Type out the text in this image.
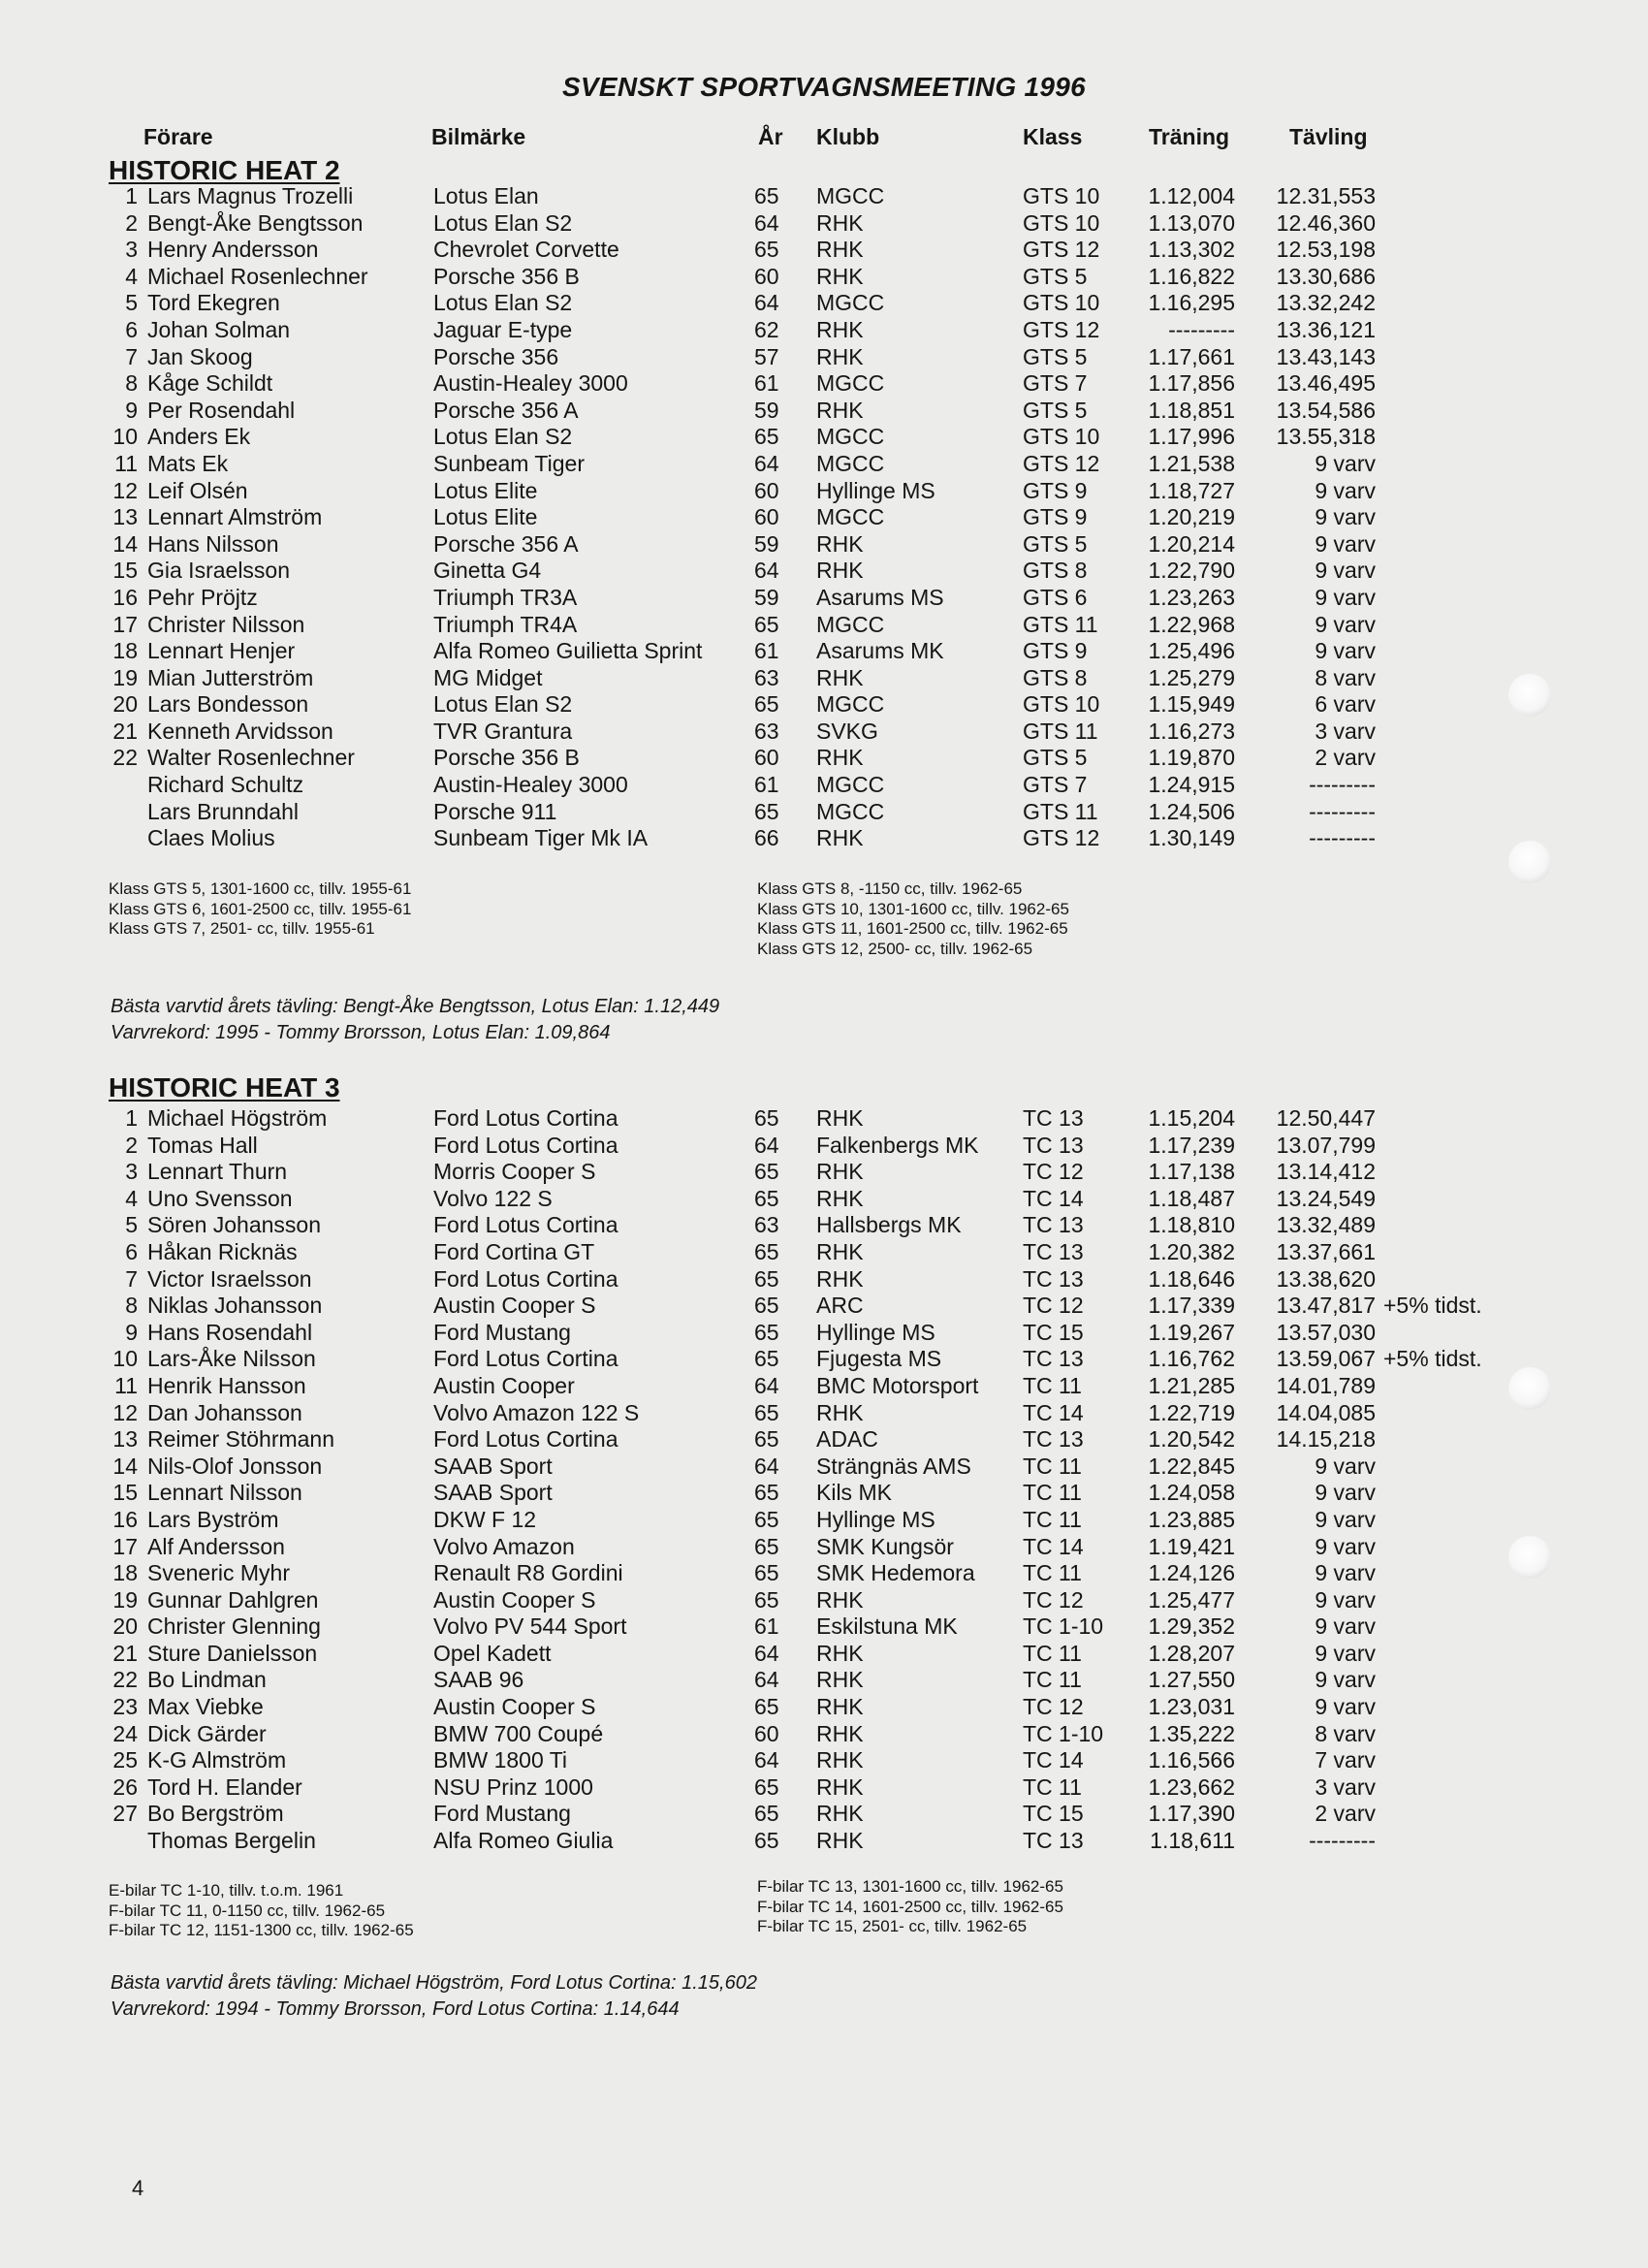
SVENSKT SPORTVAGNSMEETING 1996
Förare	Bilmärke	År Klubb	Klass	Träning	Tävling
HISTORIC HEAT 2
1 Lars Magnus Trozelli	Lotus Elan	65 MGCC	GTS 10 1.12,004 12.31,553
2 Bengt-Åke Bengtsson	Lotus Elan S2	64 RHK	GTS 10 1.13,070 12.46,360
3 Henry Andersson	Chevrolet Corvette	65 RHK	GTS 12 1.13,302 12.53,198
4 Michael Rosenlechner	Porsche 356 B	60 RHK	GTS 5	1.16,822 13.30,686
5 Tord Ekegren	Lotus Elan S2	64 MGCC	GTS 10 1.16,295 13.32,242
6 Johan Solman	Jaguar E-type	62 RHK	GTS 12	--------- 13.36,121
7 Jan Skoog	Porsche 356	57 RHK	GTS 5	1.17,661 13.43,143
8 Kåge Schildt	Austin-Healey 3000	61 MGCC	GTS 7	1.17,856 13.46,495
9 Per Rosendahl	Porsche 356 A	59 RHK	GTS 5	1.18,851 13.54,586
10 Anders Ek	Lotus Elan S2	65 MGCC	GTS 10 1.17,996 13.55,318
11 Mats Ek	Sunbeam Tiger	64 MGCC	GTS 12 1.21,538	9 varv
12 Leif Olsén	Lotus Elite	60 Hyllinge MS	GTS 9	1.18,727	9 varv
13 Lennart Almström	Lotus Elite	60 MGCC	GTS 9	1.20,219	9 varv
14 Hans Nilsson	Porsche 356 A	59 RHK	GTS 5	1.20,214	9 varv
15 Gia Israelsson	Ginetta G4	64 RHK	GTS 8	1.22,790	9 varv
16 Pehr Pröjtz	Triumph TR3A	59 Asarums MS	GTS 6	1.23,263	9 varv
17 Christer Nilsson	Triumph TR4A	65 MGCC	GTS 11 1.22,968	9 varv
18 Lennart Henjer	Alfa Romeo Guilietta Sprint 61 Asarums MK	GTS 9	1.25,496	9 varv
19 Mian Jutterström	MG Midget	63 RHK	GTS 8	1.25,279	8 varv
20 Lars Bondesson	Lotus Elan S2	65 MGCC	GTS 10 1.15,949	6 varv
21 Kenneth Arvidsson	TVR Grantura	63 SVKG	GTS 11 1.16,273	3 varv
22 Walter Rosenlechner	Porsche 356 B	60 RHK	GTS 5	1.19,870	2 varv
Richard Schultz	Austin-Healey 3000	61 MGCC	GTS 7	1.24,915	---------
Lars Brunndahl	Porsche 911	65 MGCC	GTS 11 1.24,506	---------
Claes Molius	Sunbeam Tiger Mk IA	66 RHK	GTS 12 1.30,149	---------
Klass GTS 5, 1301-1600 cc, tillv. 1955-61
Klass GTS 6, 1601-2500 cc, tillv. 1955-61
Klass GTS 7, 2501- cc, tillv. 1955-61
Klass GTS 8, -1150 cc, tillv. 1962-65
Klass GTS 10, 1301-1600 cc, tillv. 1962-65
Klass GTS 11, 1601-2500 cc, tillv. 1962-65
Klass GTS 12, 2500- cc, tillv. 1962-65
Bästa varvtid årets tävling: Bengt-Åke Bengtsson, Lotus Elan: 1.12,449
Varvrekord: 1995 - Tommy Brorsson, Lotus Elan: 1.09,864
HISTORIC HEAT 3
1 Michael Högström	Ford Lotus Cortina	65 RHK	TC 13	1.15,204 12.50,447
2 Tomas Hall	Ford Lotus Cortina	64 Falkenbergs MK TC 13	1.17,239 13.07,799
3 Lennart Thurn	Morris Cooper S	65 RHK	TC 12	1.17,138 13.14,412
4 Uno Svensson	Volvo 122 S	65 RHK	TC 14	1.18,487 13.24,549
5 Sören Johansson	Ford Lotus Cortina	63 Hallsbergs MK	TC 13	1.18,810 13.32,489
6 Håkan Ricknäs	Ford Cortina GT	65 RHK	TC 13	1.20,382 13.37,661
7 Victor Israelsson	Ford Lotus Cortina	65 RHK	TC 13	1.18,646 13.38,620
8 Niklas Johansson	Austin Cooper S	65 ARC	TC 12	1.17,339 13.47,817 +5% tidst.
9 Hans Rosendahl	Ford Mustang	65 Hyllinge MS	TC 15	1.19,267 13.57,030
10 Lars-Åke Nilsson	Ford Lotus Cortina	65 Fjugesta MS	TC 13	1.16,762 13.59,067 +5% tidst.
11 Henrik Hansson	Austin Cooper	64 BMC Motorsport TC 11	1.21,285 14.01,789
12 Dan Johansson	Volvo Amazon 122 S	65 RHK	TC 14	1.22,719 14.04,085
13 Reimer Stöhrmann	Ford Lotus Cortina	65 ADAC	TC 13	1.20,542 14.15,218
14 Nils-Olof Jonsson	SAAB Sport	64 Strängnäs AMS TC 11	1.22,845	9 varv
15 Lennart Nilsson	SAAB Sport	65 Kils MK	TC 11	1.24,058	9 varv
16 Lars Byström	DKW F 12	65 Hyllinge MS	TC 11	1.23,885	9 varv
17 Alf Andersson	Volvo Amazon	65 SMK Kungsör	TC 14	1.19,421	9 varv
18 Sveneric Myhr	Renault R8 Gordini	65 SMK Hedemora TC 11	1.24,126	9 varv
19 Gunnar Dahlgren	Austin Cooper S	65 RHK	TC 12	1.25,477	9 varv
20 Christer Glenning	Volvo PV 544 Sport	61 Eskilstuna MK	TC 1-10 1.29,352	9 varv
21 Sture Danielsson	Opel Kadett	64 RHK	TC 11	1.28,207	9 varv
22 Bo Lindman	SAAB 96	64 RHK	TC 11	1.27,550	9 varv
23 Max Viebke	Austin Cooper S	65 RHK	TC 12	1.23,031	9 varv
24 Dick Gärder	BMW 700 Coupé	60 RHK	TC 1-10 1.35,222	8 varv
25 K-G Almström	BMW 1800 Ti	64 RHK	TC 14	1.16,566	7 varv
26 Tord H. Elander	NSU Prinz 1000	65 RHK	TC 11	1.23,662	3 varv
27 Bo Bergström	Ford Mustang	65 RHK	TC 15	1.17,390	2 varv
Thomas Bergelin	Alfa Romeo Giulia	65 RHK	TC 13	1.18,611	---------
E-bilar TC 1-10, tillv. t.o.m. 1961
F-bilar TC 11, 0-1150 cc, tillv. 1962-65
F-bilar TC 12, 1151-1300 cc, tillv. 1962-65
F-bilar TC 13, 1301-1600 cc, tillv. 1962-65
F-bilar TC 14, 1601-2500 cc, tillv. 1962-65
F-bilar TC 15, 2501- cc, tillv. 1962-65
Bästa varvtid årets tävling: Michael Högström, Ford Lotus Cortina: 1.15,602
Varvrekord: 1994 - Tommy Brorsson, Ford Lotus Cortina: 1.14,644
4
